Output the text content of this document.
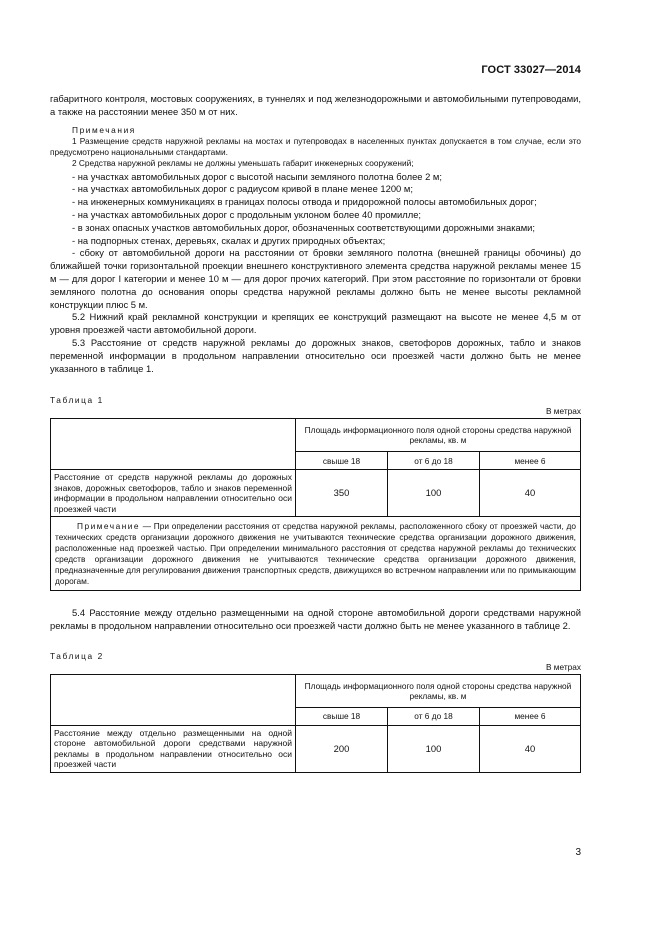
ГОСТ 33027—2014

габаритного контроля, мостовых сооружениях, в туннелях и под железнодорожными и автомобильными путепроводами, а также на расстоянии менее 350 м от них.

Примечания

1 Размещение средств наружной рекламы на мостах и путепроводах в населенных пунктах допускается в том случае, если это предусмотрено национальными стандартами.

2 Средства наружной рекламы не должны уменьшать габарит инженерных сооружений;

- на участках автомобильных дорог с высотой насыпи земляного полотна более 2 м;

- на участках автомобильных дорог с радиусом кривой в плане менее 1200 м;

- на инженерных коммуникациях в границах полосы отвода и придорожной полосы автомобильных дорог;

- на участках автомобильных дорог с продольным уклоном более 40 промилле;

- в зонах опасных участков автомобильных дорог, обозначенных соответствующими дорожными знаками;

- на подпорных стенах, деревьях, скалах и других природных объектах;

- сбоку от автомобильной дороги на расстоянии от бровки земляного полотна (внешней границы обочины) до ближайшей точки горизонтальной проекции внешнего конструктивного элемента средства наружной рекламы менее 15 м — для дорог I категории и менее 10 м — для дорог прочих категорий. При этом расстояние по горизонтали от бровки земляного полотна до основания опоры средства наружной рекламы должно быть не менее высоты рекламной конструкции плюс 5 м.

5.2 Нижний край рекламной конструкции и крепящих ее конструкций размещают на высоте не менее 4,5 м от уровня проезжей части автомобильной дороги.

5.3 Расстояние от средств наружной рекламы до дорожных знаков, светофоров дорожных, табло и знаков переменной информации в продольном направлении относительно оси проезжей части должно быть не менее указанного в таблице 1.

Таблица 1

В метрах

	Площадь информационного поля одной стороны средства наружной рекламы, кв. м		
	свыше 18	от 6 до 18	менее 6
Расстояние от средств наружной рекламы до дорожных знаков, дорожных светофоров, табло и знаков переменной информации в продольном направлении относительно оси проезжей части	350	100	40
Примечание — При определении расстояния от средства наружной рекламы, расположенного сбоку от проезжей части, до технических средств организации дорожного движения не учитываются технические средства организации дорожного движения, расположенные над проезжей частью. При определении минимального расстояния от средства наружной рекламы до технических средств организации дорожного движения не учитываются технические средства организации дорожного движения, предназначенные для регулирования движения транспортных средств, движущихся во встречном направлении или по примыкающим дорогам.			

5.4 Расстояние между отдельно размещенными на одной стороне автомобильной дороги средствами наружной рекламы в продольном направлении относительно оси проезжей части должно быть не менее указанного в таблице 2.

Таблица 2

В метрах

	Площадь информационного поля одной стороны средства наружной рекламы, кв. м		
	свыше 18	от 6 до 18	менее 6
Расстояние между отдельно размещенными на одной стороне автомобильной дороги средствами наружной рекламы в продольном направлении относительно оси проезжей части	200	100	40
3
